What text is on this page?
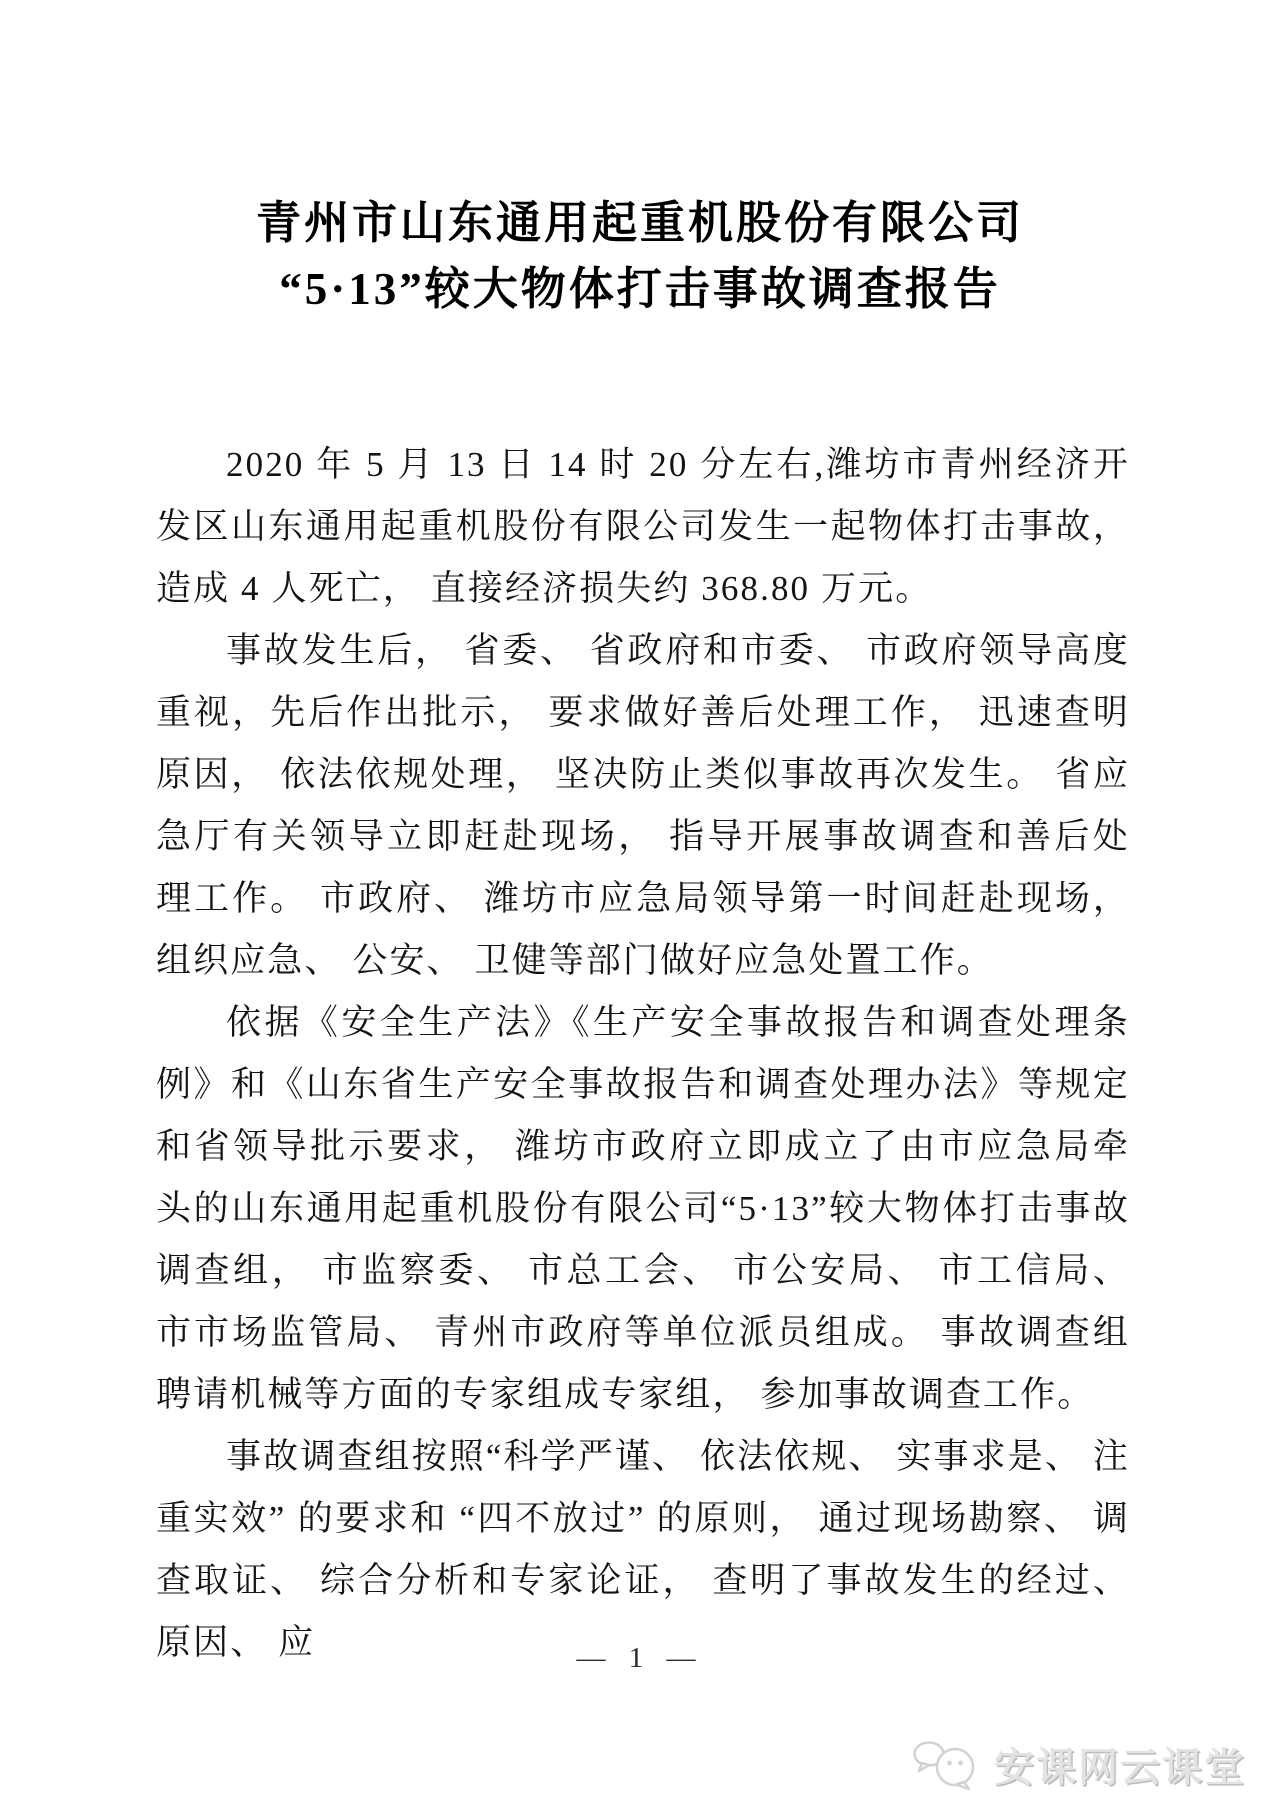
青州市山东通用起重机股份有限公司
“5·13”较大物体打击事故调查报告

2020 年 5 月 13 日 14 时 20 分左右,潍坊市青州经济开发区山东通用起重机股份有限公司发生一起物体打击事故， 造成 4 人死亡， 直接经济损失约 368.80 万元。

事故发生后， 省委、 省政府和市委、 市政府领导高度重视，先后作出批示， 要求做好善后处理工作， 迅速查明原因， 依法依规处理， 坚决防止类似事故再次发生。 省应急厅有关领导立即赶赴现场， 指导开展事故调查和善后处理工作。 市政府、 潍坊市应急局领导第一时间赶赴现场， 组织应急、 公安、 卫健等部门做好应急处置工作。

依据《安全生产法》《生产安全事故报告和调查处理条例》和《山东省生产安全事故报告和调查处理办法》等规定和省领导批示要求， 潍坊市政府立即成立了由市应急局牵头的山东通用起重机股份有限公司“5·13”较大物体打击事故调查组， 市监察委、 市总工会、 市公安局、 市工信局、 市市场监管局、 青州市政府等单位派员组成。 事故调查组聘请机械等方面的专家组成专家组， 参加事故调查工作。

事故调查组按照“科学严谨、 依法依规、 实事求是、 注重实效” 的要求和 “四不放过” 的原则， 通过现场勘察、 调查取证、 综合分析和专家论证， 查明了事故发生的经过、 原因、 应	— 1 —
安课网云课堂
